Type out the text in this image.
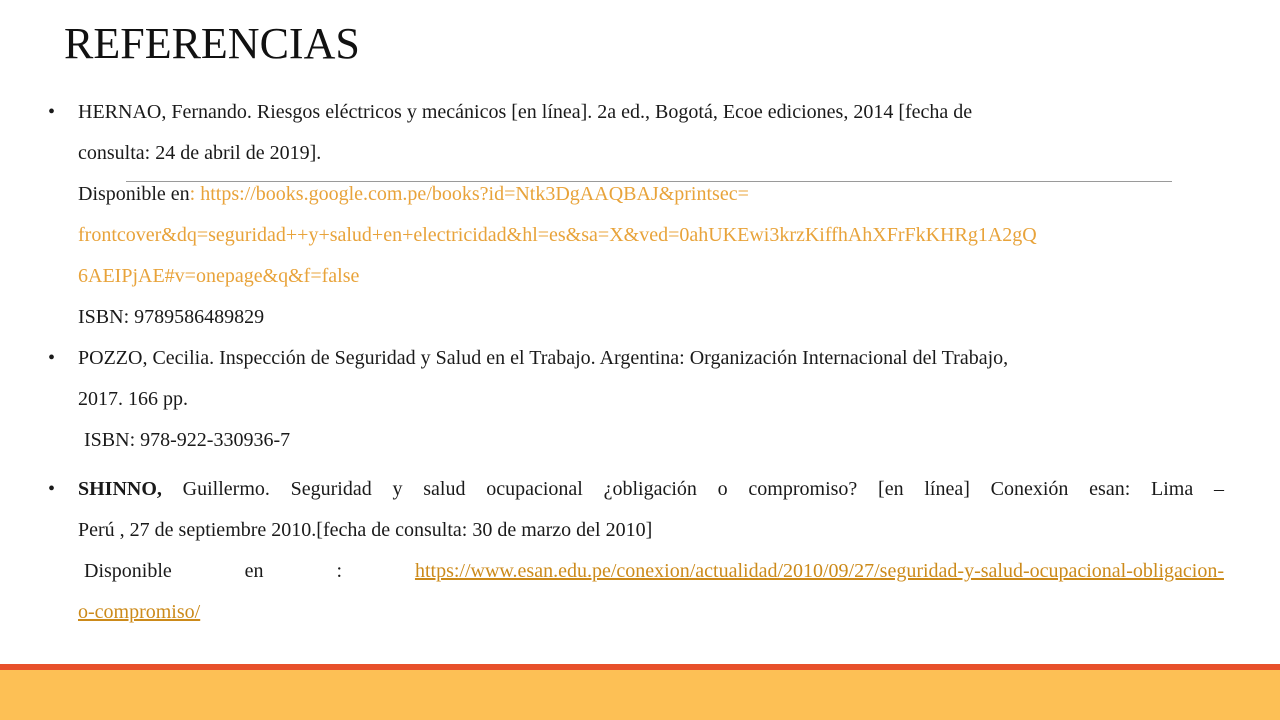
REFERENCIAS
•	HERNAO, Fernando. Riesgos eléctricos y mecánicos [en línea]. 2a ed., Bogotá, Ecoe ediciones, 2014 [fecha de

consulta: 24 de abril de 2019].

Disponible en: https://books.google.com.pe/books?id=Ntk3DgAAQBAJ&printsec=

frontcover&dq=seguridad++y+salud+en+electricidad&hl=es&sa=X&ved=0ahUKEwi3krzKiffhAhXFrFkKHRg1A2gQ

6AEIPjAE#v=onepage&q&f=false

ISBN: 9789586489829

•	POZZO, Cecilia. Inspección de Seguridad y Salud en el Trabajo. Argentina: Organización Internacional del Trabajo,

2017. 166 pp.

ISBN: 978-922-330936-7

•	SHINNO, Guillermo. Seguridad y salud ocupacional ¿obligación o compromiso? [en línea] Conexión esan: Lima –

Perú , 27 de septiembre 2010.[fecha de consulta: 30 de marzo del 2010]

Disponible en :	https://www.esan.edu.pe/conexion/actualidad/2010/09/27/seguridad-y-salud-ocupacional-obligacion-

o-compromiso/
